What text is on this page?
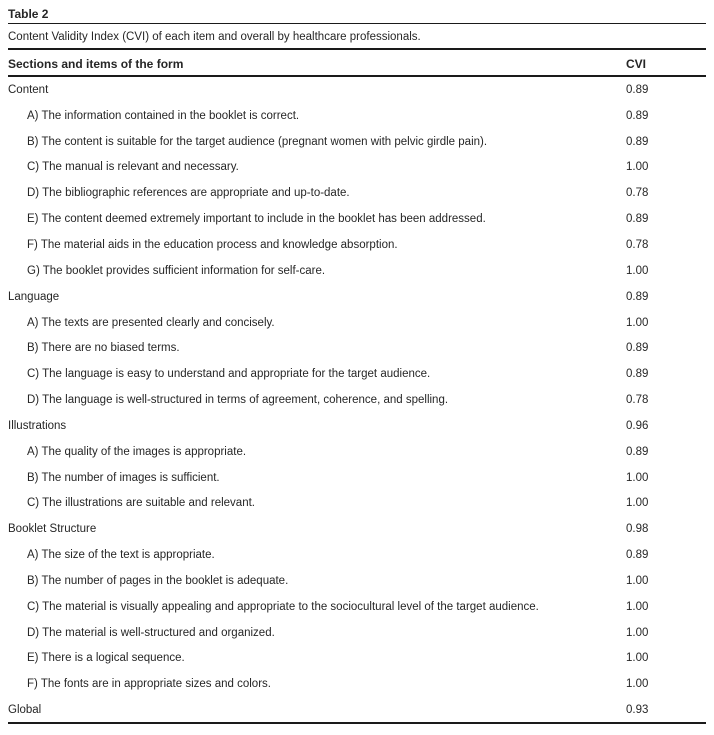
Table 2
Content Validity Index (CVI) of each item and overall by healthcare professionals.
Sections and items of the form	CVI
Content	0.89
A) The information contained in the booklet is correct.	0.89
B) The content is suitable for the target audience (pregnant women with pelvic girdle pain).	0.89
C) The manual is relevant and necessary.	1.00
D) The bibliographic references are appropriate and up-to-date.	0.78
E) The content deemed extremely important to include in the booklet has been addressed.	0.89
F) The material aids in the education process and knowledge absorption.	0.78
G) The booklet provides sufficient information for self-care.	1.00
Language	0.89
A) The texts are presented clearly and concisely.	1.00
B) There are no biased terms.	0.89
C) The language is easy to understand and appropriate for the target audience.	0.89
D) The language is well-structured in terms of agreement, coherence, and spelling.	0.78
Illustrations	0.96
A) The quality of the images is appropriate.	0.89
B) The number of images is sufficient.	1.00
C) The illustrations are suitable and relevant.	1.00
Booklet Structure	0.98
A) The size of the text is appropriate.	0.89
B) The number of pages in the booklet is adequate.	1.00
C) The material is visually appealing and appropriate to the sociocultural level of the target audience.	1.00
D) The material is well-structured and organized.	1.00
E) There is a logical sequence.	1.00
F) The fonts are in appropriate sizes and colors.	1.00
Global	0.93
